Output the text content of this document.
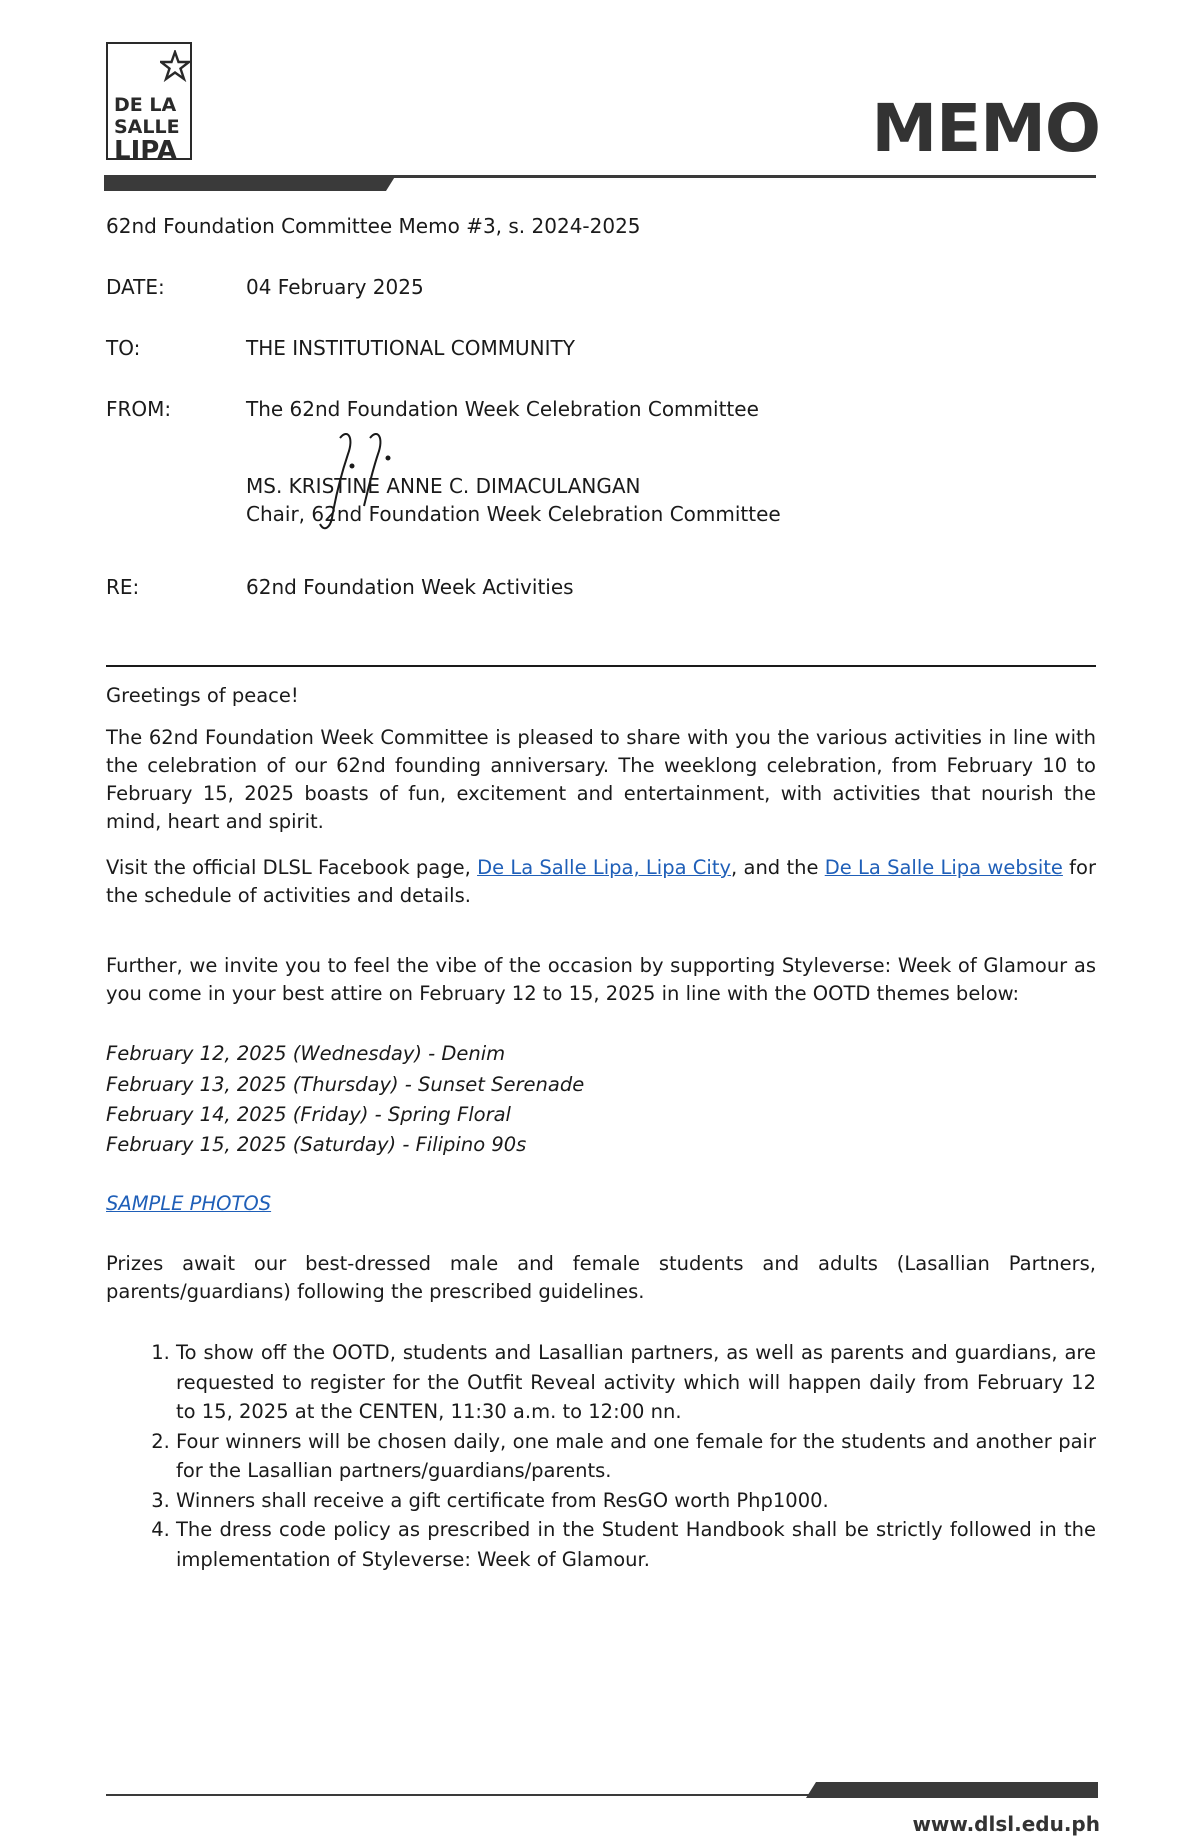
DE LA
SALLE
LIPA	MEMO
62nd Foundation Committee Memo #3, s. 2024-2025
DATE:	04 February 2025
TO:	THE INSTITUTIONAL COMMUNITY
FROM:	The 62nd Foundation Week Celebration Committee
MS. KRISTINE ANNE C. DIMACULANGAN
Chair, 62nd Foundation Week Celebration Committee
RE:	62nd Foundation Week Activities
Greetings of peace!
The 62nd Foundation Week Committee is pleased to share with you the various activities in line with the celebration of our 62nd founding anniversary. The weeklong celebration, from February 10 to February 15, 2025 boasts of fun, excitement and entertainment, with activities that nourish the mind, heart and spirit.
Visit the official DLSL Facebook page, De La Salle Lipa, Lipa City, and the De La Salle Lipa website for the schedule of activities and details.
Further, we invite you to feel the vibe of the occasion by supporting Styleverse: Week of Glamour as you come in your best attire on February 12 to 15, 2025 in line with the OOTD themes below:
February 12, 2025 (Wednesday) - Denim
February 13, 2025 (Thursday) - Sunset Serenade
February 14, 2025 (Friday) - Spring Floral
February 15, 2025 (Saturday) - Filipino 90s
SAMPLE PHOTOS
Prizes await our best-dressed male and female students and adults (Lasallian Partners, parents/guardians) following the prescribed guidelines.
1. To show off the OOTD, students and Lasallian partners, as well as parents and guardians, are requested to register for the Outfit Reveal activity which will happen daily from February 12 to 15, 2025 at the CENTEN, 11:30 a.m. to 12:00 nn.
2. Four winners will be chosen daily, one male and one female for the students and another pair for the Lasallian partners/guardians/parents.
3. Winners shall receive a gift certificate from ResGO worth Php1000.
4. The dress code policy as prescribed in the Student Handbook shall be strictly followed in the implementation of Styleverse: Week of Glamour.
www.dlsl.edu.ph
